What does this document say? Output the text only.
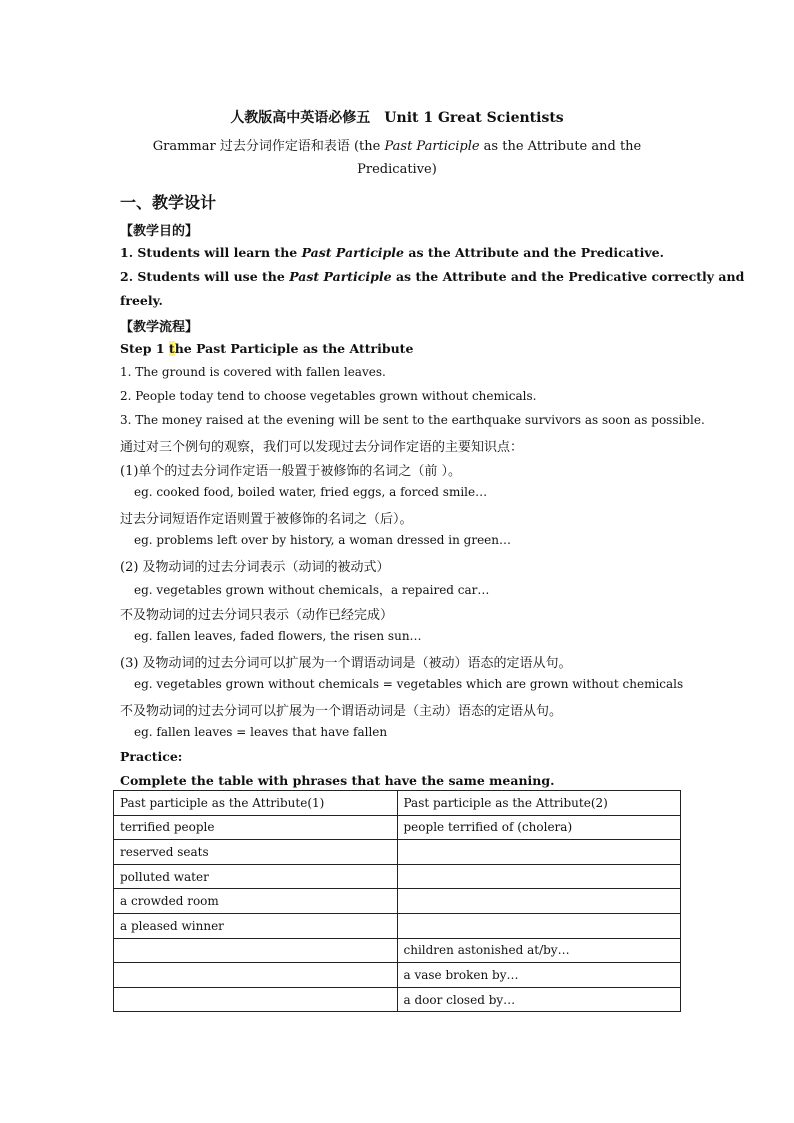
人教版高中英语必修五　Unit 1 Great Scientists
Grammar 过去分词作定语和表语 (the Past Participle as the Attribute and the
Predicative)
一、教学设计
【教学目的】
1. Students will learn the Past Participle as the Attribute and the Predicative.
2. Students will use the Past Participle as the Attribute and the Predicative correctly and
freely.
【教学流程】
Step 1 the Past Participle as the Attribute
1. The ground is covered with fallen leaves.
2. People today tend to choose vegetables grown without chemicals.
3. The money raised at the evening will be sent to the earthquake survivors as soon as possible.
通过对三个例句的观察，我们可以发现过去分词作定语的主要知识点：
(1)单个的过去分词作定语一般置于被修饰的名词之（前 ）。
eg. cooked food, boiled water, fried eggs, a forced smile…
过去分词短语作定语则置于被修饰的名词之（后）。
eg. problems left over by history, a woman dressed in green…
(2) 及物动词的过去分词表示（动词的被动式）
eg. vegetables grown without chemicals，a repaired car…
不及物动词的过去分词只表示（动作已经完成）
eg. fallen leaves, faded flowers, the risen sun…
(3) 及物动词的过去分词可以扩展为一个谓语动词是（被动）语态的定语从句。
eg. vegetables grown without chemicals = vegetables which are grown without chemicals
不及物动词的过去分词可以扩展为一个谓语动词是（主动）语态的定语从句。
eg. fallen leaves = leaves that have fallen
Practice:
Complete the table with phrases that have the same meaning.
Past participle as the Attribute(1)	Past participle as the Attribute(2)
terrified people	people terrified of (cholera)
reserved seats	
polluted water	
a crowded room	
a pleased winner	
	children astonished at/by…
	a vase broken by…
	a door closed by…
